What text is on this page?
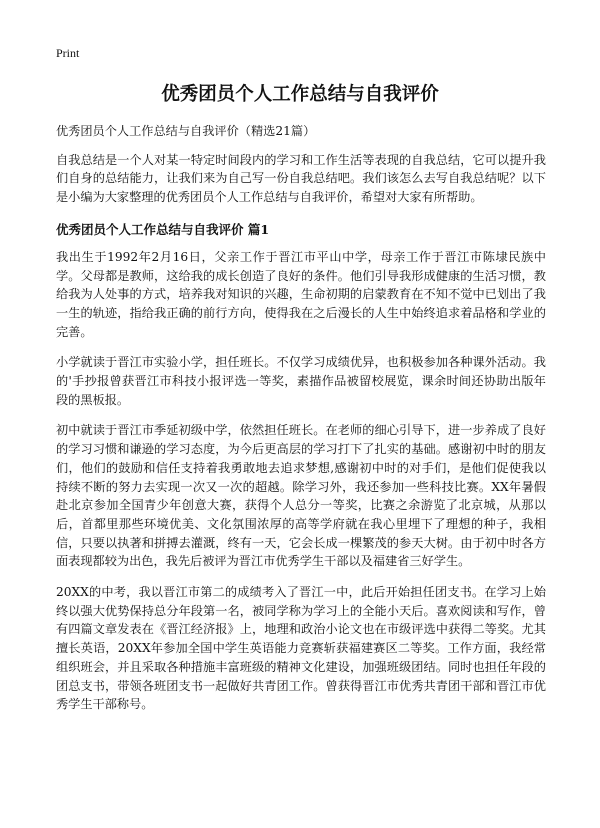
Print
优秀团员个人工作总结与自我评价

优秀团员个人工作总结与自我评价（精选21篇）

自我总结是一个人对某一特定时间段内的学习和工作生活等表现的自我总结，它可以提升我们自身的总结能力，让我们来为自己写一份自我总结吧。我们该怎么去写自我总结呢？以下是小编为大家整理的优秀团员个人工作总结与自我评价，希望对大家有所帮助。

优秀团员个人工作总结与自我评价 篇1

我出生于1992年2月16日，父亲工作于晋江市平山中学，母亲工作于晋江市陈埭民族中学。父母都是教师，这给我的成长创造了良好的条件。他们引导我形成健康的生活习惯，教给我为人处事的方式，培养我对知识的兴趣，生命初期的启蒙教育在不知不觉中已划出了我一生的轨迹，指给我正确的前行方向，使得我在之后漫长的人生中始终追求着品格和学业的完善。

小学就读于晋江市实验小学，担任班长。不仅学习成绩优异，也积极参加各种课外活动。我的'手抄报曾获晋江市科技小报评选一等奖，素描作品被留校展览，课余时间还协助出版年段的黑板报。

初中就读于晋江市季延初级中学，依然担任班长。在老师的细心引导下，进一步养成了良好的学习习惯和谦逊的学习态度，为今后更高层的学习打下了扎实的基础。感谢初中时的朋友们，他们的鼓励和信任支持着我勇敢地去追求梦想,感谢初中时的对手们，是他们促使我以持续不断的努力去实现一次又一次的超越。除学习外，我还参加一些科技比赛。XX年暑假赴北京参加全国青少年创意大赛，获得个人总分一等奖，比赛之余游览了北京城，从那以后，首都里那些环境优美、文化氛围浓厚的高等学府就在我心里埋下了理想的种子，我相信，只要以执著和拼搏去灌溉，终有一天，它会长成一棵繁茂的参天大树。由于初中时各方面表现都较为出色，我先后被评为晋江市优秀学生干部以及福建省三好学生。

20XX的中考，我以晋江市第二的成绩考入了晋江一中，此后开始担任团支书。在学习上始终以强大优势保持总分年段第一名，被同学称为学习上的全能小天后。喜欢阅读和写作，曾有四篇文章发表在《晋江经济报》上，地理和政治小论文也在市级评选中获得二等奖。尤其擅长英语，20XX年参加全国中学生英语能力竞赛斩获福建赛区二等奖。工作方面，我经常组织班会，并且采取各种措施丰富班级的精神文化建设，加强班级团结。同时也担任年段的团总支书，带领各班团支书一起做好共青团工作。曾获得晋江市优秀共青团干部和晋江市优秀学生干部称号。
